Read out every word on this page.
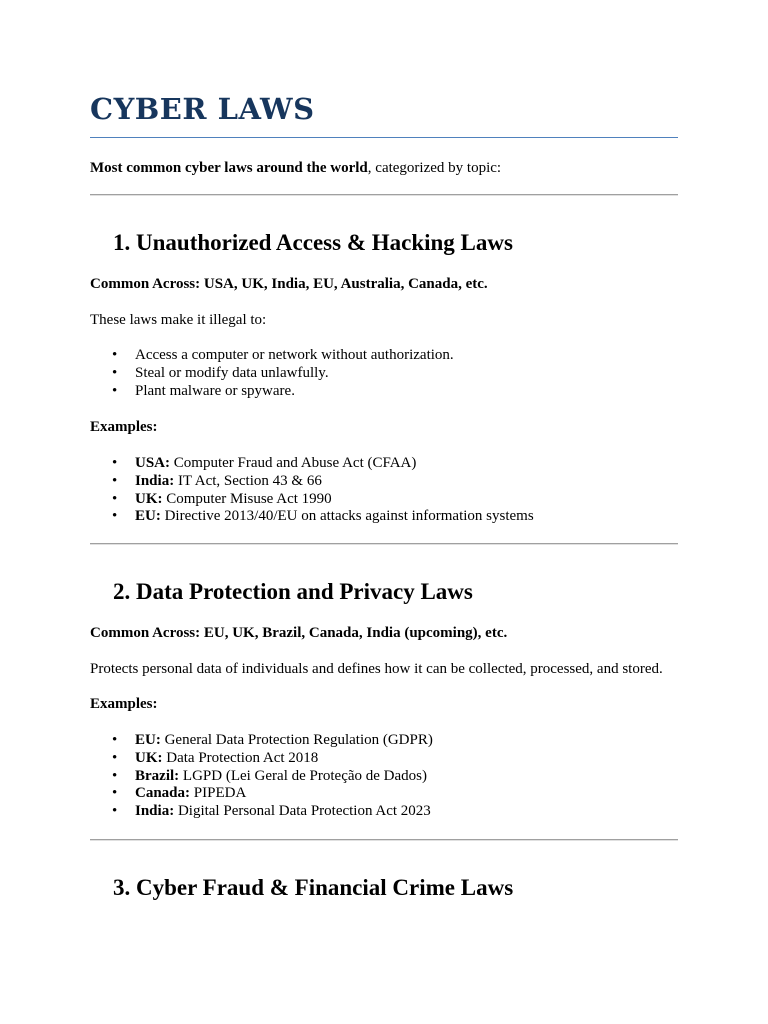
CYBER LAWS

Most common cyber laws around the world, categorized by topic:

1. Unauthorized Access & Hacking Laws

Common Across: USA, UK, India, EU, Australia, Canada, etc.

These laws make it illegal to:

• Access a computer or network without authorization.
• Steal or modify data unlawfully.
• Plant malware or spyware.

Examples:

• USA: Computer Fraud and Abuse Act (CFAA)
• India: IT Act, Section 43 & 66
• UK: Computer Misuse Act 1990
• EU: Directive 2013/40/EU on attacks against information systems
2. Data Protection and Privacy Laws

Common Across: EU, UK, Brazil, Canada, India (upcoming), etc.

Protects personal data of individuals and defines how it can be collected, processed, and stored.

Examples:

• EU: General Data Protection Regulation (GDPR)
• UK: Data Protection Act 2018
• Brazil: LGPD (Lei Geral de Proteção de Dados)
• Canada: PIPEDA
• India: Digital Personal Data Protection Act 2023
3. Cyber Fraud & Financial Crime Laws
